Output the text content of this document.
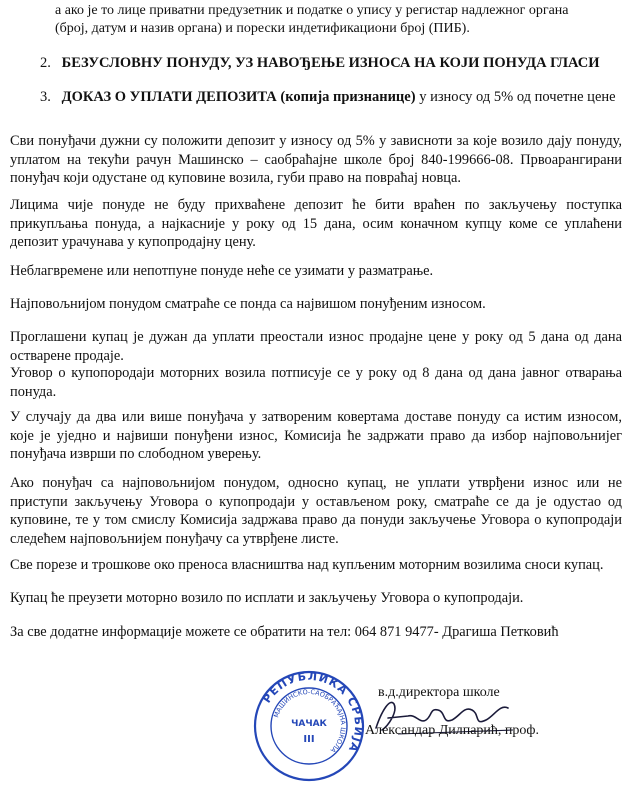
а ако је то лице приватни предузетник и податке о упису у регистар надлежног органа
(број, датум и назив органа) и порески индетификациони број (ПИБ).
2. БЕЗУСЛОВНУ ПОНУДУ, УЗ НАВОЂЕЊЕ ИЗНОСА НА КОЈИ ПОНУДА ГЛАСИ
3. ДОКАЗ О УПЛАТИ ДЕПОЗИТА (копија признанице) у износу од 5% од почетне цене

Сви понуђачи дужни су положити депозит у износу од 5% у зависноти за које возило дају понуду, уплатом на текући рачун Машинско – саобраћајне школе број 840-199666-08. Првоарангирани понуђач који одустане од куповине возила, губи право на повраћај новца.

Лицима чије понуде не буду прихваћене депозит ће бити враћен по закључењу поступка прикупљања понуда, а најкасније у року од 15 дана, осим коначном купцу коме се уплаћени депозит урачунава у купопродајну цену.

Неблагвремене или непотпуне понуде неће се узимати у разматрање.

Најповољнијом понудом сматраће се понда са највишом понуђеним износом.

Проглашени купац је дужан да уплати преостали износ продајне цене у року од 5 дана од дана остварене продаје.

Уговор о купопородаји моторних возила потписује се у року од 8 дана од дана јавног отварања понуда.

У случају да два или више понуђача у затвореним ковертама доставе понуду са истим износом, које је уједно и највиши понуђени износ, Комисија ће задржати право да избор најповољнијег понуђача изврши по слободном уверењу.

Ако понуђач са најповољнијом понудом, односно купац, не уплати утврђени износ или не приступи закључењу Уговора о купопродаји у остављеном року, сматраће се да је одустао од куповине, те у том смислу Комисија задржава право да понуди закључење Уговора о купопродаји следећем најповољнијем понуђачу са утврђене листе.

Све порезе и трошкове око преноса власништва над купљеним моторним возилима сноси купац.

Купац ће преузети моторно возило по исплати и закључењу Уговора о купопродаји.

За све додатне информације можете се обратити на тел: 064 871 9477- Драгиша Петковић

РЕПУБЛИКА СРБИЈА
МАШИНСКО-САОБРАЋАЈНА ШКОЛА
ЧАЧАК
III
в.д.директора школе
Александар Дилпарић, проф.
